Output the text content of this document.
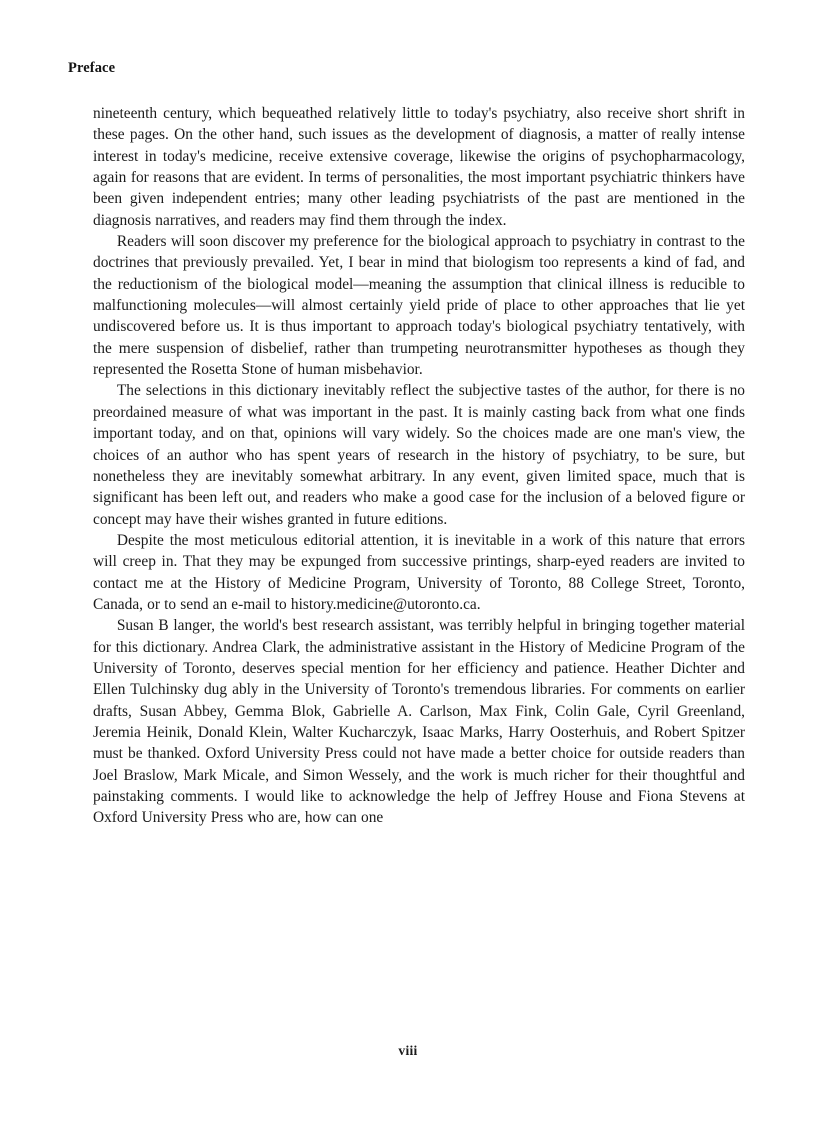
Preface

nineteenth century, which bequeathed relatively little to today's psychiatry, also receive short shrift in these pages. On the other hand, such issues as the development of diagnosis, a matter of really intense interest in today's medicine, receive extensive coverage, likewise the origins of psychopharmacology, again for reasons that are evident. In terms of personalities, the most important psychiatric thinkers have been given independent entries; many other leading psychiatrists of the past are mentioned in the diagnosis narratives, and readers may find them through the index.

Readers will soon discover my preference for the biological approach to psychiatry in contrast to the doctrines that previously prevailed. Yet, I bear in mind that biologism too represents a kind of fad, and the reductionism of the biological model—meaning the assumption that clinical illness is reducible to malfunctioning molecules—will almost certainly yield pride of place to other approaches that lie yet undiscovered before us. It is thus important to approach today's biological psychiatry tentatively, with the mere suspension of disbelief, rather than trumpeting neurotransmitter hypotheses as though they represented the Rosetta Stone of human misbehavior.

The selections in this dictionary inevitably reflect the subjective tastes of the author, for there is no preordained measure of what was important in the past. It is mainly casting back from what one finds important today, and on that, opinions will vary widely. So the choices made are one man's view, the choices of an author who has spent years of research in the history of psychiatry, to be sure, but nonetheless they are inevitably somewhat arbitrary. In any event, given limited space, much that is significant has been left out, and readers who make a good case for the inclusion of a beloved figure or concept may have their wishes granted in future editions.

Despite the most meticulous editorial attention, it is inevitable in a work of this nature that errors will creep in. That they may be expunged from successive printings, sharp-eyed readers are invited to contact me at the History of Medicine Program, University of Toronto, 88 College Street, Toronto, Canada, or to send an e-mail to history.medicine@utoronto.ca.

Susan B langer, the world's best research assistant, was terribly helpful in bringing together material for this dictionary. Andrea Clark, the administrative assistant in the History of Medicine Program of the University of Toronto, deserves special mention for her efficiency and patience. Heather Dichter and Ellen Tulchinsky dug ably in the University of Toronto's tremendous libraries. For comments on earlier drafts, Susan Abbey, Gemma Blok, Gabrielle A. Carlson, Max Fink, Colin Gale, Cyril Greenland, Jeremia Heinik, Donald Klein, Walter Kucharczyk, Isaac Marks, Harry Oosterhuis, and Robert Spitzer must be thanked. Oxford University Press could not have made a better choice for outside readers than Joel Braslow, Mark Micale, and Simon Wessely, and the work is much richer for their thoughtful and painstaking comments. I would like to acknowledge the help of Jeffrey House and Fiona Stevens at Oxford University Press who are, how can one

viii
